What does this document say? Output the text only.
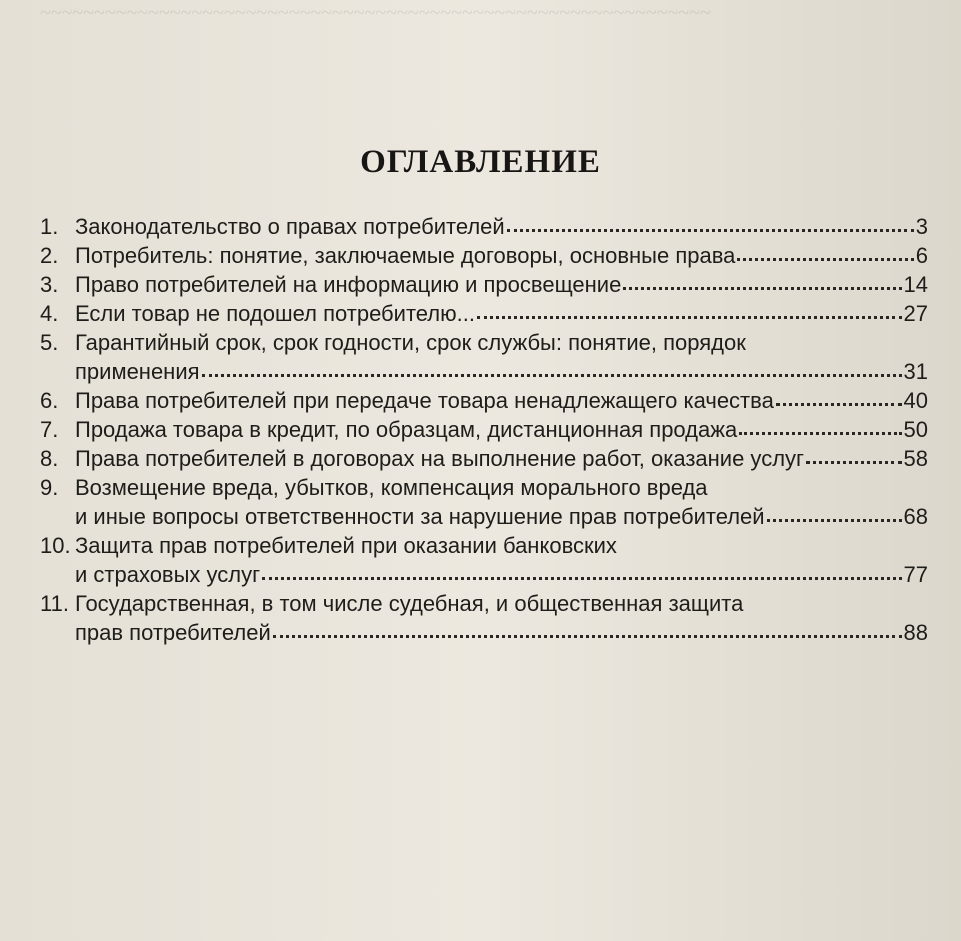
~~~~~~~~~~~~~~~~~~~~~~~~~~~~~~~~~~~~~~~~~~~~~~~~~~~~~~~~~~~~~~
ОГЛАВЛЕНИЕ
1. Законодательство о правах потребителей	3
2. Потребитель: понятие, заключаемые договоры, основные права	6
3. Право потребителей на информацию и просвещение	14
4. Если товар не подошел потребителю...	27
5. Гарантийный срок, срок годности, срок службы: понятие, порядок
применения	31
6. Права потребителей при передаче товара ненадлежащего качества	40
7. Продажа товара в кредит, по образцам, дистанционная продажа	50
8. Права потребителей в договорах на выполнение работ, оказание услуг	58
9. Возмещение вреда, убытков, компенсация морального вреда
и иные вопросы ответственности за нарушение прав потребителей	68
10. Защита прав потребителей при оказании банковских
и страховых услуг	77
11. Государственная, в том числе судебная, и общественная защита
прав потребителей	88
